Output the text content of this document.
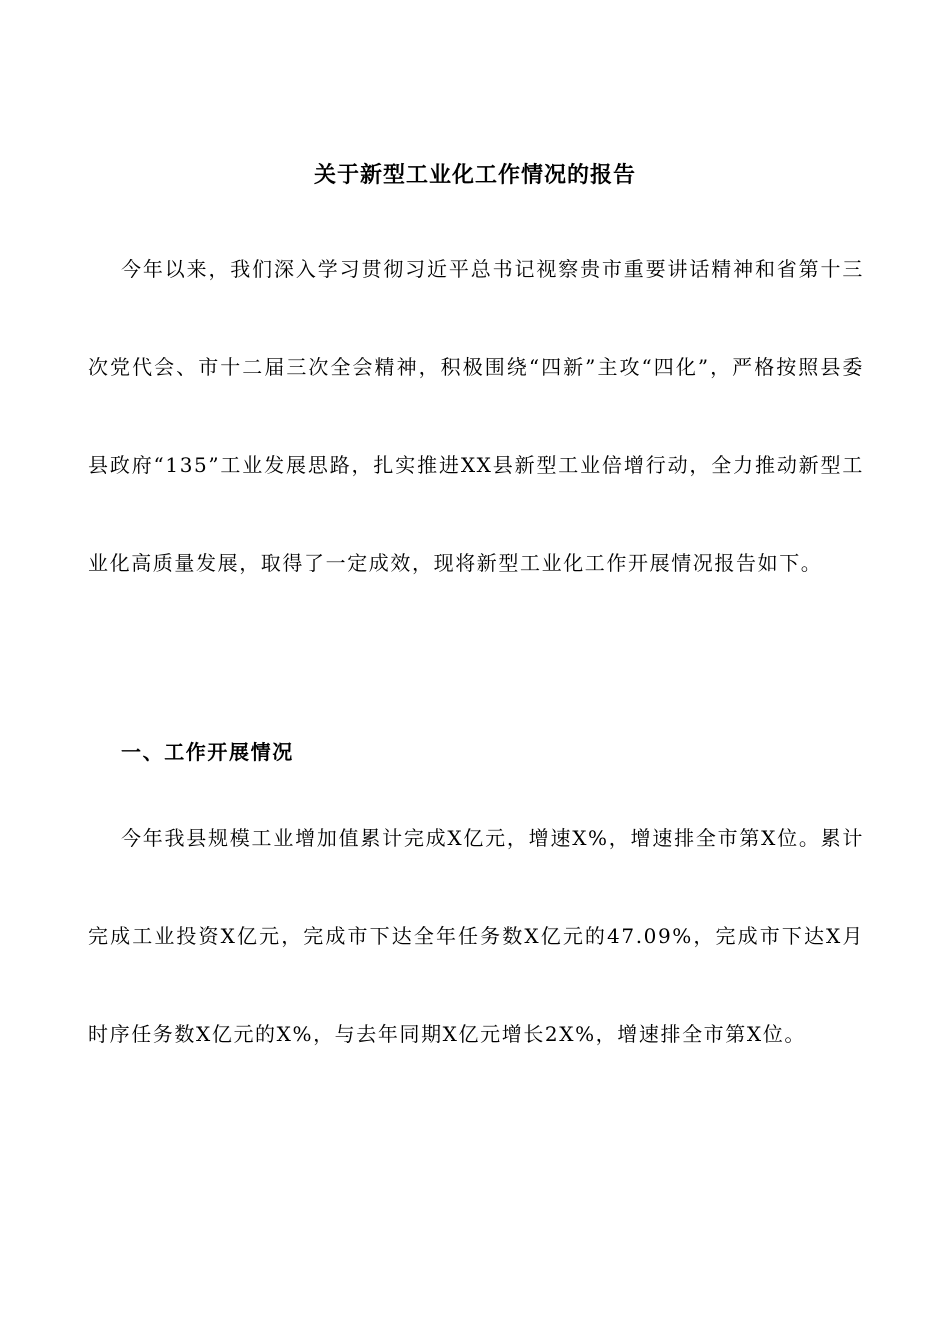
关于新型工业化工作情况的报告

今年以来，我们深入学习贯彻习近平总书记视察贵市重要讲话精神和省第十三次党代会、市十二届三次全会精神，积极围绕“四新”主攻“四化”，严格按照县委县政府“135”工业发展思路，扎实推进XX县新型工业倍增行动，全力推动新型工业化高质量发展，取得了一定成效，现将新型工业化工作开展情况报告如下。

一、工作开展情况

今年我县规模工业增加值累计完成X亿元，增速X%，增速排全市第X位。累计完成工业投资X亿元，完成市下达全年任务数X亿元的47.09%，完成市下达X月时序任务数X亿元的X%，与去年同期X亿元增长2X%，增速排全市第X位。
